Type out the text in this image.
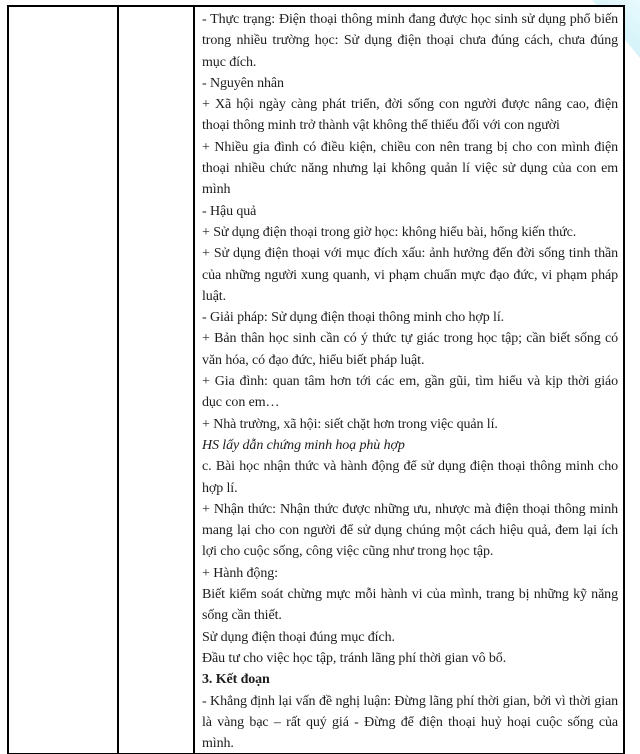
- Thực trạng: Điện thoại thông minh đang được học sinh sử dụng phổ biến
trong nhiều trường học: Sử dụng điện thoại chưa đúng cách, chưa đúng
mục đích.
- Nguyên nhân
+ Xã hội ngày càng phát triển, đời sống con người được nâng cao, điện
thoại thông minh trở thành vật không thể thiếu đối với con người
+ Nhiều gia đình có điều kiện, chiều con nên trang bị cho con mình điện
thoại nhiều chức năng nhưng lại không quản lí việc sử dụng của con em
mình
- Hậu quả
+ Sử dụng điện thoại trong giờ học: không hiểu bài, hổng kiến thức.
+ Sử dụng điện thoại với mục đích xấu: ảnh hưởng đến đời sống tinh thần
của những người xung quanh, vi phạm chuẩn mực đạo đức, vi phạm pháp
luật.
- Giải pháp: Sử dụng điện thoại thông minh cho hợp lí.
+ Bản thân học sinh cần có ý thức tự giác trong học tập; cần biết sống có
văn hóa, có đạo đức, hiểu biết pháp luật.
+ Gia đình: quan tâm hơn tới các em, gần gũi, tìm hiểu và kịp thời giáo
dục con em…
+ Nhà trường, xã hội: siết chặt hơn trong việc quản lí.
HS lấy dẫn chứng minh hoạ phù hợp
c. Bài học nhận thức và hành động để sử dụng điện thoại thông minh cho
hợp lí.
+ Nhận thức: Nhận thức được những ưu, nhược mà điện thoại thông minh
mang lại cho con người để sử dụng chúng một cách hiệu quả, đem lại ích
lợi cho cuộc sống, công việc cũng như trong học tập.
+ Hành động:
Biết kiểm soát chừng mực mỗi hành vi của mình, trang bị những kỹ năng
sống cần thiết.
Sử dụng điện thoại đúng mục đích.
Đầu tư cho việc học tập, tránh lãng phí thời gian vô bổ.
3. Kết đoạn
- Khẳng định lại vấn đề nghị luận: Đừng lãng phí thời gian, bởi vì thời gian
là vàng bạc – rất quý giá - Đừng để điện thoại huỷ hoại cuộc sống của
mình.
